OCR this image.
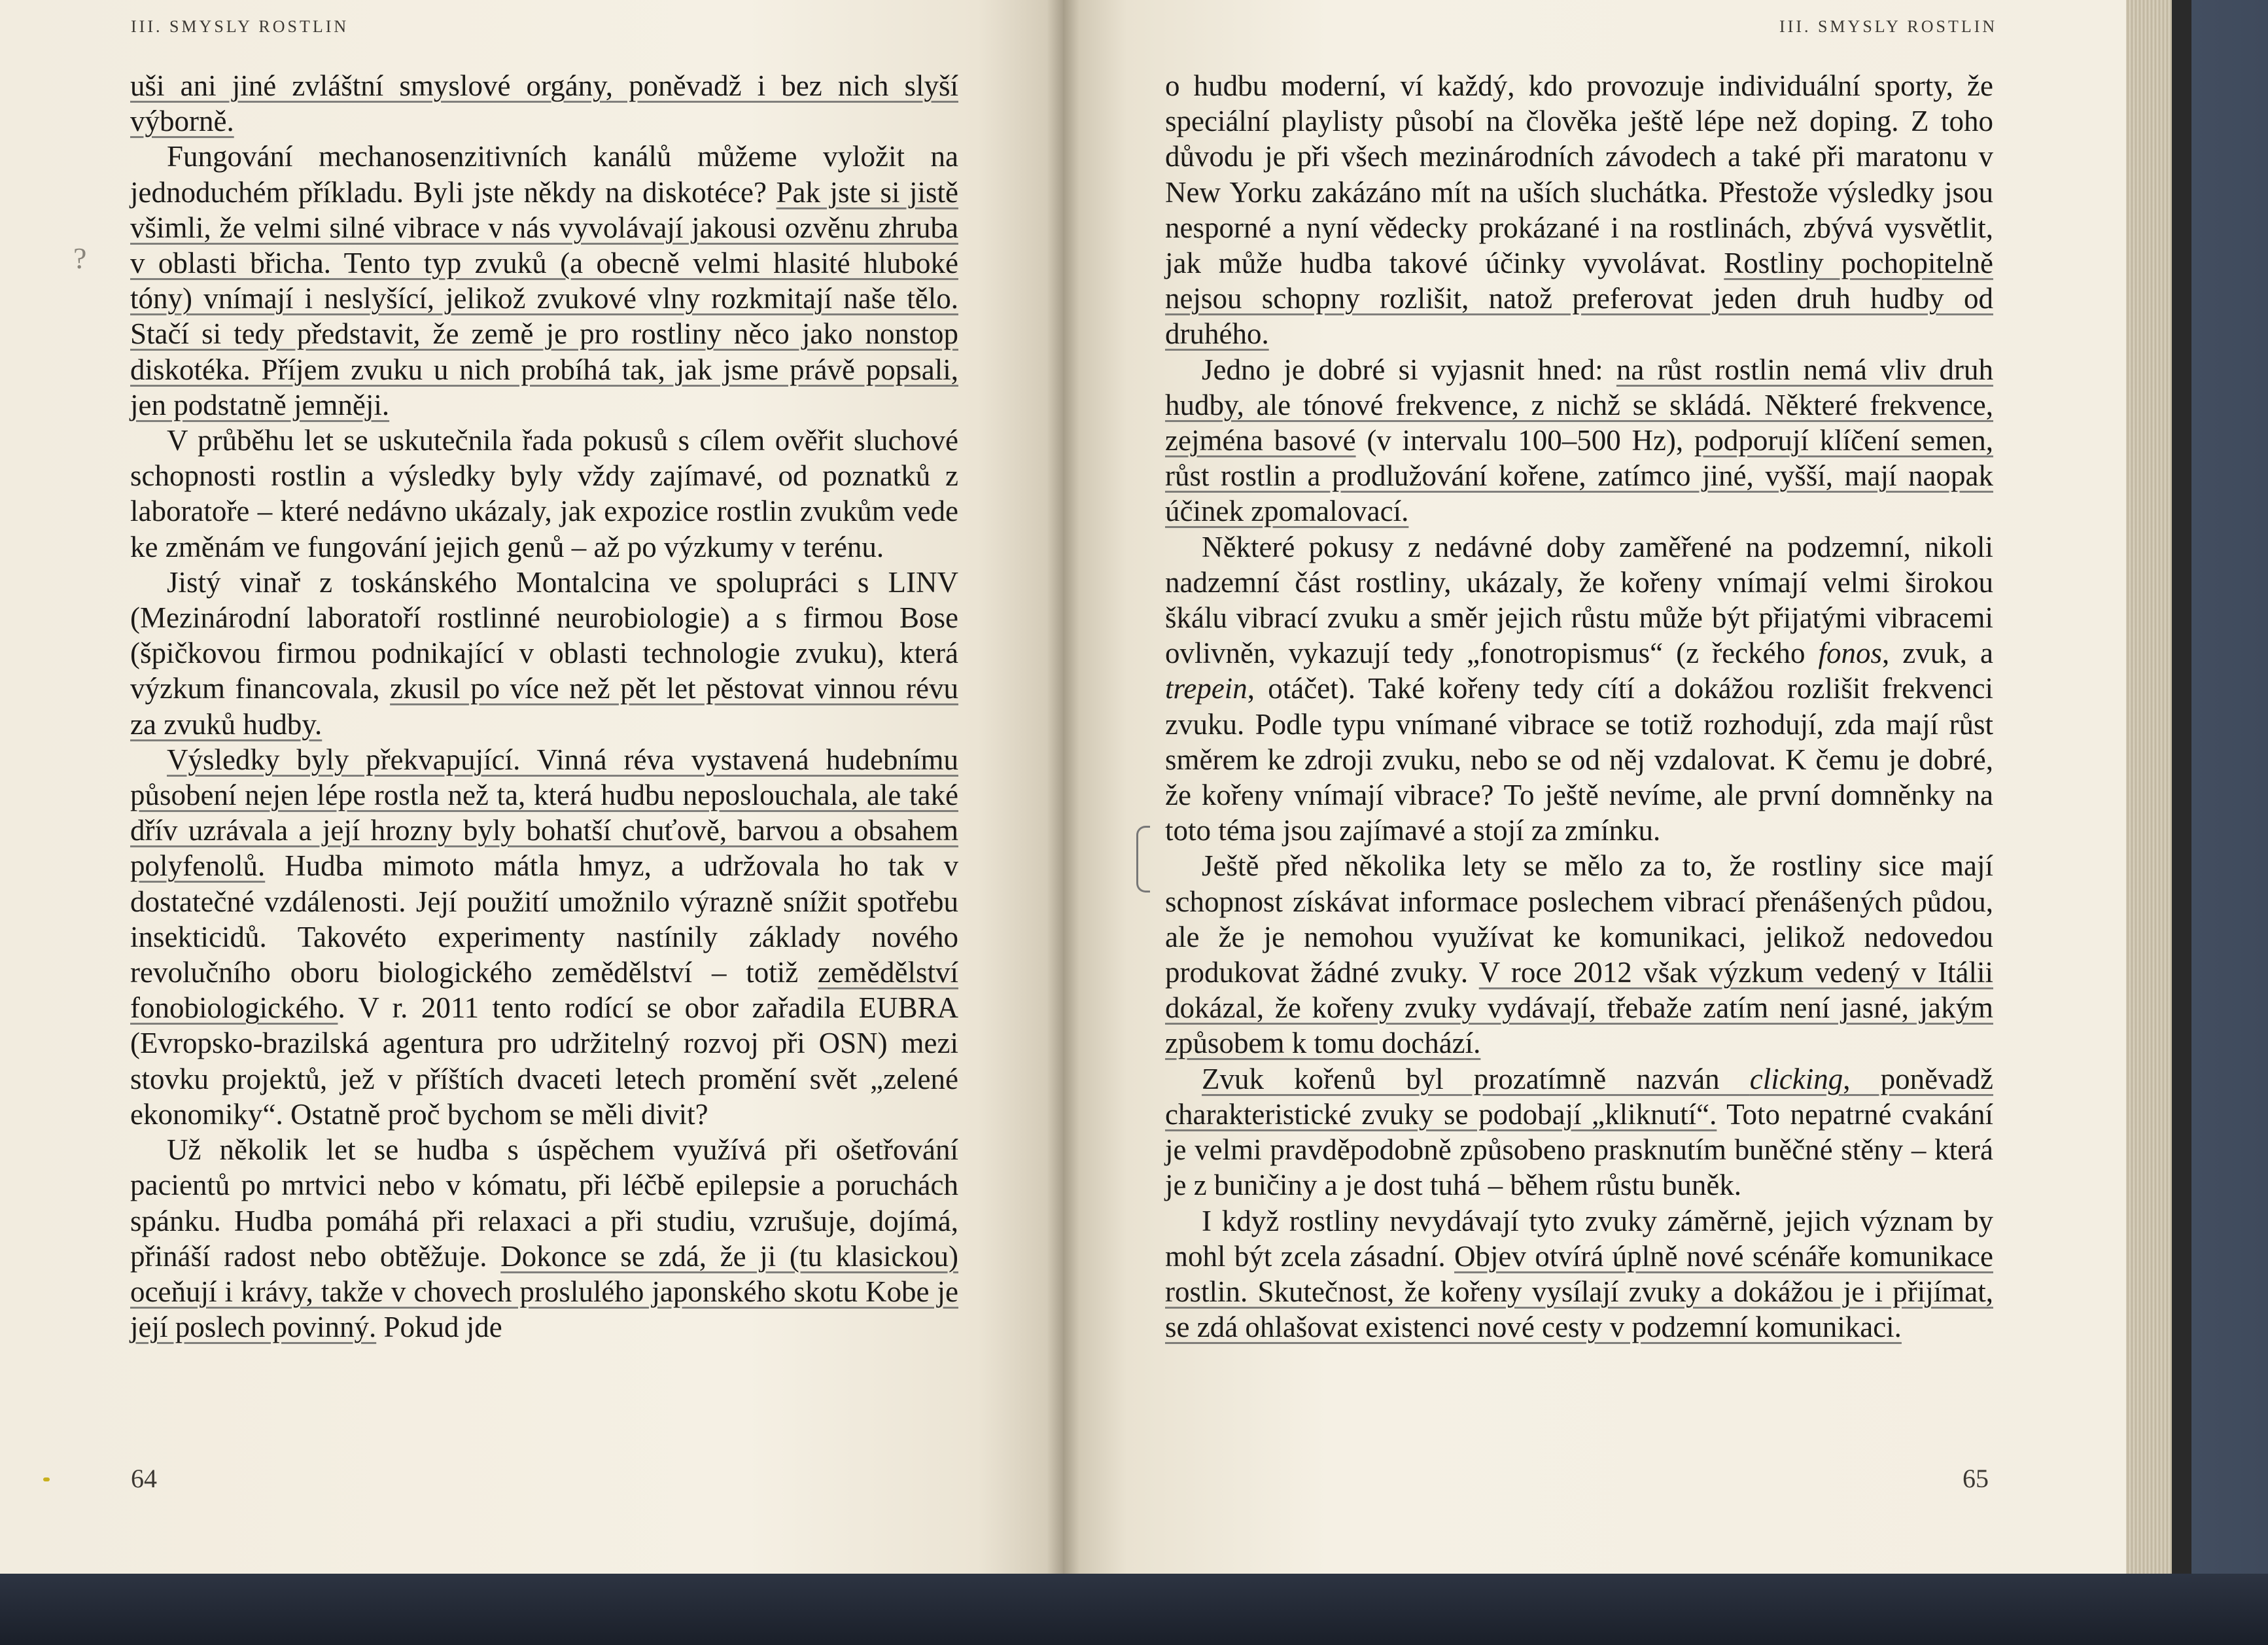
III. SMYSLY ROSTLIN

uši ani jiné zvláštní smyslové orgány, poněvadž i bez nich slyší výborně.

Fungování mechanosenzitivních kanálů můžeme vyložit na jednoduchém příkladu. Byli jste někdy na diskotéce? Pak jste si jistě všimli, že velmi silné vibrace v nás vyvolávají jakousi ozvěnu zhruba v oblasti břicha. Tento typ zvuků (a obecně velmi hlasité hluboké tóny) vnímají i neslyšící, jelikož zvukové vlny rozkmitají naše tělo. Stačí si tedy představit, že země je pro rostliny něco jako nonstop diskotéka. Příjem zvuku u nich probíhá tak, jak jsme právě popsali, jen podstatně jemněji.

V průběhu let se uskutečnila řada pokusů s cílem ověřit sluchové schopnosti rostlin a výsledky byly vždy zajímavé, od poznatků z laboratoře – které nedávno ukázaly, jak expozice rostlin zvukům vede ke změnám ve fungování jejich genů – až po výzkumy v terénu.

Jistý vinař z toskánského Montalcina ve spolupráci s LINV (Mezinárodní laboratoří rostlinné neurobiologie) a s firmou Bose (špičkovou firmou podnikající v oblasti technologie zvuku), která výzkum financovala, zkusil po více než pět let pěstovat vinnou révu za zvuků hudby.

Výsledky byly překvapující. Vinná réva vystavená hudebnímu působení nejen lépe rostla než ta, která hudbu neposlouchala, ale také dřív uzrávala a její hrozny byly bohatší chuťově, barvou a obsahem polyfenolů. Hudba mimoto mátla hmyz, a udržovala ho tak v dostatečné vzdálenosti. Její použití umožnilo výrazně snížit spotřebu insekticidů. Takovéto experimenty nastínily základy nového revolučního oboru biologického zemědělství – totiž zemědělství fonobiologického. V r. 2011 tento rodící se obor zařadila EUBRA (Evropsko-brazilská agentura pro udržitelný rozvoj při OSN) mezi stovku projektů, jež v příštích dvaceti letech promění svět „zelené ekonomiky“. Ostatně proč bychom se měli divit?

Už několik let se hudba s úspěchem využívá při ošetřování pacientů po mrtvici nebo v kómatu, při léčbě epilepsie a poruchách spánku. Hudba pomáhá při relaxaci a při studiu, vzrušuje, dojímá, přináší radost nebo obtěžuje. Dokonce se zdá, že ji (tu klasickou) oceňují i krávy, takže v chovech proslulého japonského skotu Kobe je její poslech povinný. Pokud jde

64
?
III. SMYSLY ROSTLIN

o hudbu moderní, ví každý, kdo provozuje individuální sporty, že speciální playlisty působí na člověka ještě lépe než doping. Z toho důvodu je při všech mezinárodních závodech a také při maratonu v New Yorku zakázáno mít na uších sluchátka. Přestože výsledky jsou nesporné a nyní vědecky prokázané i na rostlinách, zbývá vysvětlit, jak může hudba takové účinky vyvolávat. Rostliny pochopitelně nejsou schopny rozlišit, natož preferovat jeden druh hudby od druhého.

Jedno je dobré si vyjasnit hned: na růst rostlin nemá vliv druh hudby, ale tónové frekvence, z nichž se skládá. Některé frekvence, zejména basové (v intervalu 100–500 Hz), podporují klíčení semen, růst rostlin a prodlužování kořene, zatímco jiné, vyšší, mají naopak účinek zpomalovací.

Některé pokusy z nedávné doby zaměřené na podzemní, nikoli nadzemní část rostliny, ukázaly, že kořeny vnímají velmi širokou škálu vibrací zvuku a směr jejich růstu může být přijatými vibracemi ovlivněn, vykazují tedy „fonotropismus“ (z řeckého fonos, zvuk, a trepein, otáčet). Také kořeny tedy cítí a dokážou rozlišit frekvenci zvuku. Podle typu vnímané vibrace se totiž rozhodují, zda mají růst směrem ke zdroji zvuku, nebo se od něj vzdalovat. K čemu je dobré, že kořeny vnímají vibrace? To ještě nevíme, ale první domněnky na toto téma jsou zajímavé a stojí za zmínku.

Ještě před několika lety se mělo za to, že rostliny sice mají schopnost získávat informace poslechem vibrací přenášených půdou, ale že je nemohou využívat ke komunikaci, jelikož nedovedou produkovat žádné zvuky. V roce 2012 však výzkum vedený v Itálii dokázal, že kořeny zvuky vydávají, třebaže zatím není jasné, jakým způsobem k tomu dochází.

Zvuk kořenů byl prozatímně nazván clicking, poněvadž charakteristické zvuky se podobají „kliknutí“. Toto nepatrné cvakání je velmi pravděpodobně způsobeno prasknutím buněčné stěny – která je z buničiny a je dost tuhá – během růstu buněk.

I když rostliny nevydávají tyto zvuky záměrně, jejich význam by mohl být zcela zásadní. Objev otvírá úplně nové scénáře komunikace rostlin. Skutečnost, že kořeny vysílají zvuky a dokážou je i přijímat, se zdá ohlašovat existenci nové cesty v podzemní komunikaci.

65
